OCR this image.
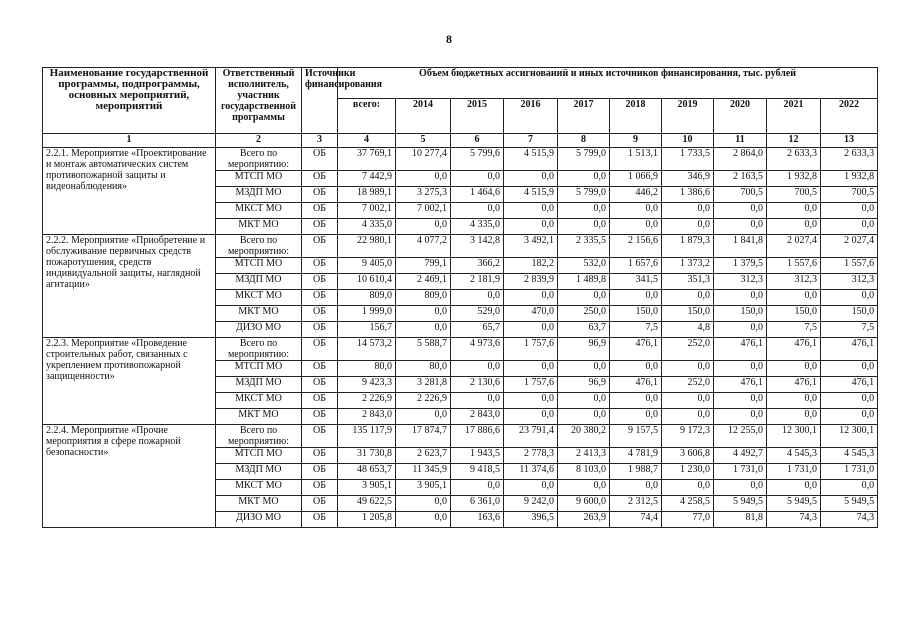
8
Наименование государственной программы, подпрограммы, основных мероприятий, мероприятий	Ответственный исполнитель, участник государственной программы	Источники финансирования	Объем бюджетных ассигнований и иных источников финансирования, тыс. рублей									
			всего:	2014	2015	2016	2017	2018	2019	2020	2021	2022
1	2	3	4	5	6	7	8	9	10	11	12	13
2.2.1. Мероприятие «Проектирование и монтаж автоматических систем противопожарной защиты и видеонаблюдения»	Всего по мероприятию:	ОБ	37 769,1	10 277,4	5 799,6	4 515,9	5 799,0	1 513,1	1 733,5	2 864,0	2 633,3	2 633,3
	МТСП МО	ОБ	7 442,9	0,0	0,0	0,0	0,0	1 066,9	346,9	2 163,5	1 932,8	1 932,8
	МЗДП МО	ОБ	18 989,1	3 275,3	1 464,6	4 515,9	5 799,0	446,2	1 386,6	700,5	700,5	700,5
	МКСТ МО	ОБ	7 002,1	7 002,1	0,0	0,0	0,0	0,0	0,0	0,0	0,0	0,0
	МКТ МО	ОБ	4 335,0	0,0	4 335,0	0,0	0,0	0,0	0,0	0,0	0,0	0,0
2.2.2. Мероприятие «Приобретение и обслуживание первичных средств пожаротушения, средств индивидуальной защиты, наглядной агитации»	Всего по мероприятию:	ОБ	22 980,1	4 077,2	3 142,8	3 492,1	2 335,5	2 156,6	1 879,3	1 841,8	2 027,4	2 027,4
	МТСП МО	ОБ	9 405,0	799,1	366,2	182,2	532,0	1 657,6	1 373,2	1 379,5	1 557,6	1 557,6
	МЗДП МО	ОБ	10 610,4	2 469,1	2 181,9	2 839,9	1 489,8	341,5	351,3	312,3	312,3	312,3
	МКСТ МО	ОБ	809,0	809,0	0,0	0,0	0,0	0,0	0,0	0,0	0,0	0,0
	МКТ МО	ОБ	1 999,0	0,0	529,0	470,0	250,0	150,0	150,0	150,0	150,0	150,0
	ДИЗО МО	ОБ	156,7	0,0	65,7	0,0	63,7	7,5	4,8	0,0	7,5	7,5
2.2.3. Мероприятие «Проведение строительных работ, связанных с укреплением противопожарной защищенности»	Всего по мероприятию:	ОБ	14 573,2	5 588,7	4 973,6	1 757,6	96,9	476,1	252,0	476,1	476,1	476,1
	МТСП МО	ОБ	80,0	80,0	0,0	0,0	0,0	0,0	0,0	0,0	0,0	0,0
	МЗДП МО	ОБ	9 423,3	3 281,8	2 130,6	1 757,6	96,9	476,1	252,0	476,1	476,1	476,1
	МКСТ МО	ОБ	2 226,9	2 226,9	0,0	0,0	0,0	0,0	0,0	0,0	0,0	0,0
	МКТ МО	ОБ	2 843,0	0,0	2 843,0	0,0	0,0	0,0	0,0	0,0	0,0	0,0
2.2.4. Мероприятие «Прочие мероприятия в сфере пожарной безопасности»	Всего по мероприятию:	ОБ	135 117,9	17 874,7	17 886,6	23 791,4	20 380,2	9 157,5	9 172,3	12 255,0	12 300,1	12 300,1
	МТСП МО	ОБ	31 730,8	2 623,7	1 943,5	2 778,3	2 413,3	4 781,9	3 606,8	4 492,7	4 545,3	4 545,3
	МЗДП МО	ОБ	48 653,7	11 345,9	9 418,5	11 374,6	8 103,0	1 988,7	1 230,0	1 731,0	1 731,0	1 731,0
	МКСТ МО	ОБ	3 905,1	3 905,1	0,0	0,0	0,0	0,0	0,0	0,0	0,0	0,0
	МКТ МО	ОБ	49 622,5	0,0	6 361,0	9 242,0	9 600,0	2 312,5	4 258,5	5 949,5	5 949,5	5 949,5
	ДИЗО МО	ОБ	1 205,8	0,0	163,6	396,5	263,9	74,4	77,0	81,8	74,3	74,3
